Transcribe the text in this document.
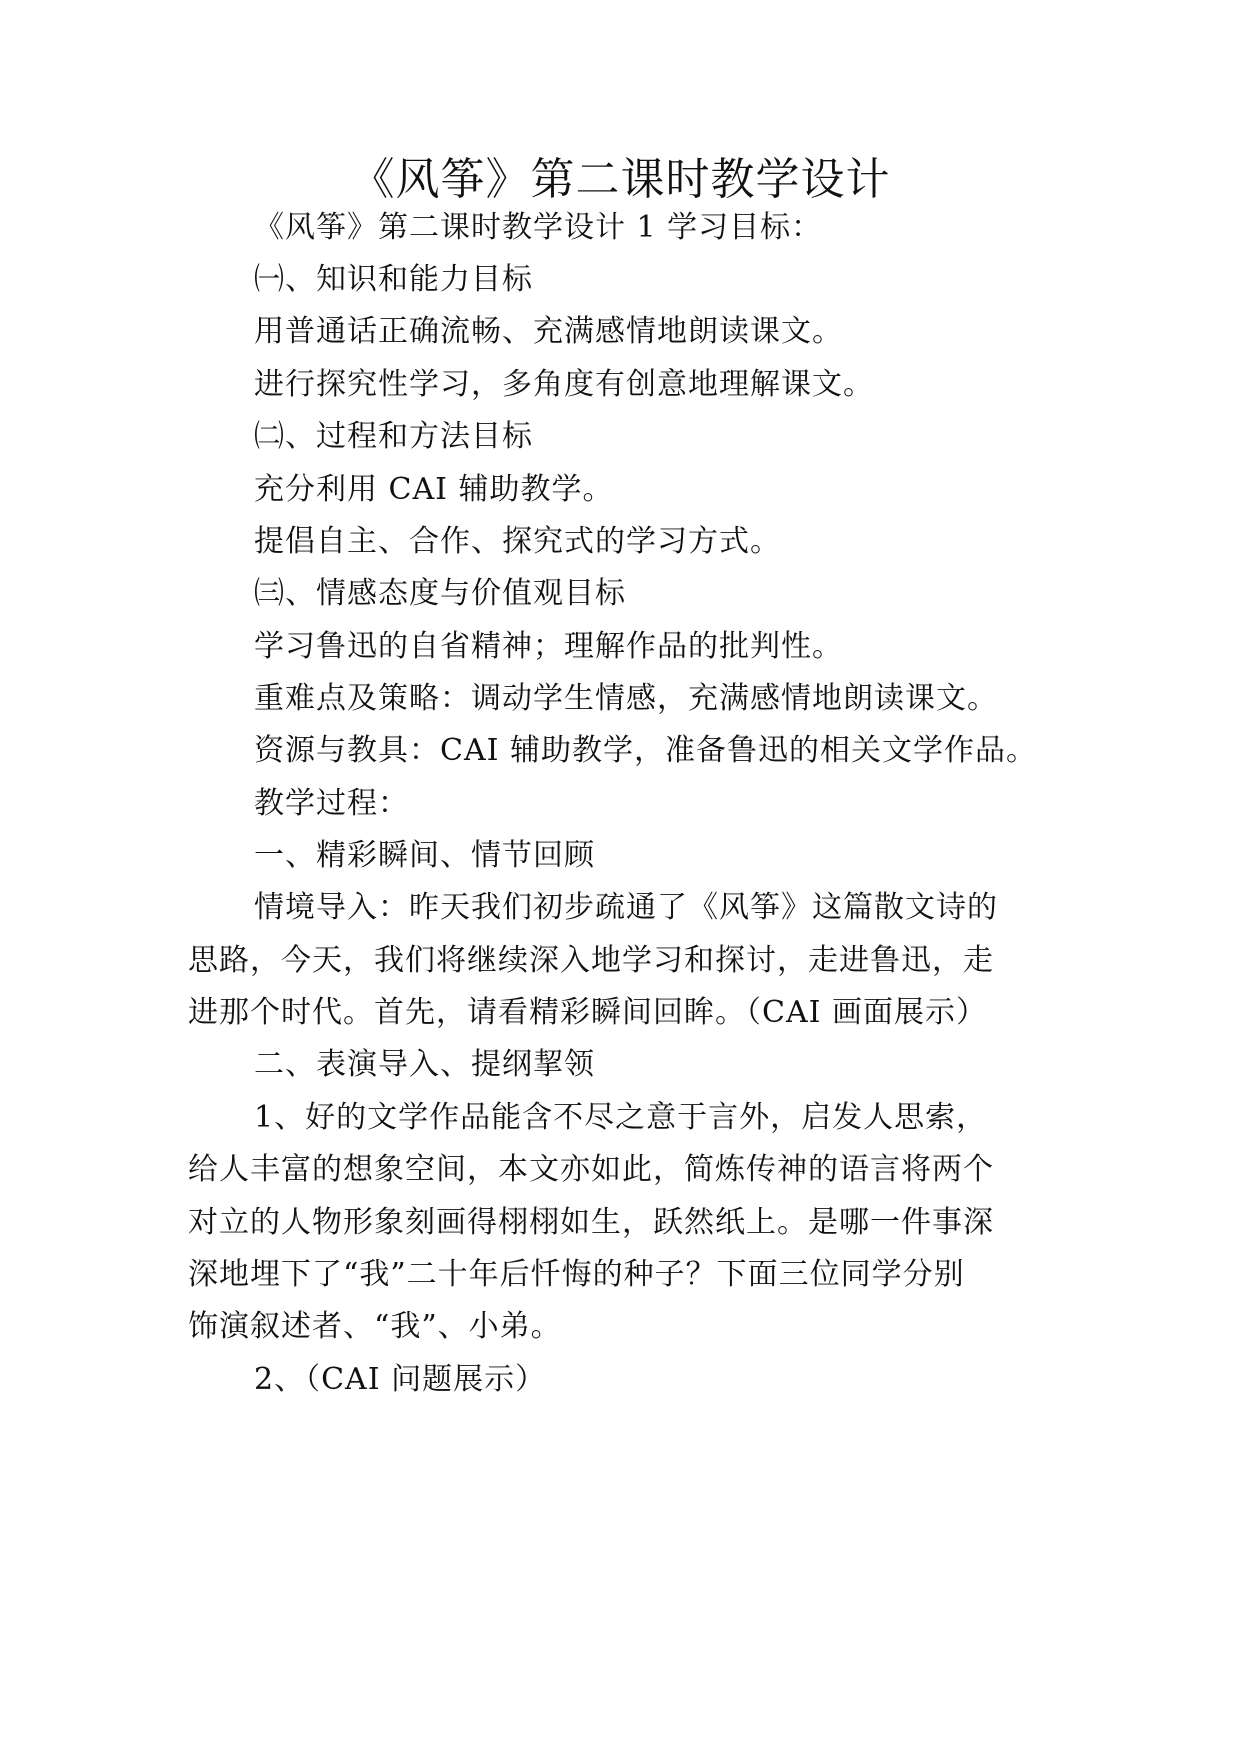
《风筝》第二课时教学设计
《风筝》第二课时教学设计 1 学习目标：
㈠、知识和能力目标
用普通话正确流畅、充满感情地朗读课文。
进行探究性学习，多角度有创意地理解课文。
㈡、过程和方法目标
充分利用 CAI 辅助教学。
提倡自主、合作、探究式的学习方式。
㈢、情感态度与价值观目标
学习鲁迅的自省精神；理解作品的批判性。
重难点及策略：调动学生情感，充满感情地朗读课文。
资源与教具：CAI 辅助教学，准备鲁迅的相关文学作品。
教学过程：
一、精彩瞬间、情节回顾
情境导入：昨天我们初步疏通了《风筝》这篇散文诗的
思路，今天，我们将继续深入地学习和探讨，走进鲁迅，走
进那个时代。首先，请看精彩瞬间回眸。（CAI 画面展示）
二、表演导入、提纲挈领
1、好的文学作品能含不尽之意于言外，启发人思索，
给人丰富的想象空间，本文亦如此，简炼传神的语言将两个
对立的人物形象刻画得栩栩如生，跃然纸上。是哪一件事深
深地埋下了“我”二十年后忏悔的种子？下面三位同学分别
饰演叙述者、“我”、小弟。
2、（CAI 问题展示）
